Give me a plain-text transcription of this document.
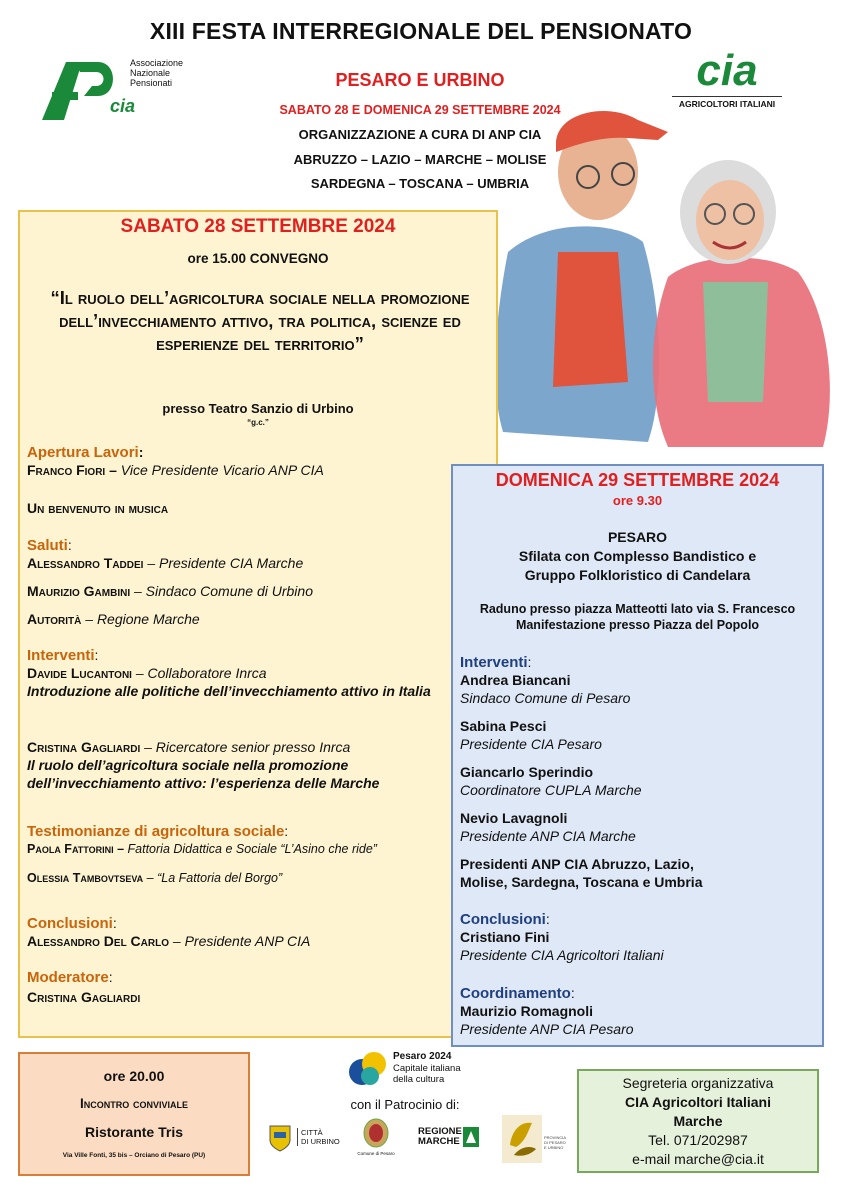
XIII FESTA INTERREGIONALE DEL PENSIONATO
PESARO E URBINO
SABATO 28 E DOMENICA 29 SETTEMBRE 2024
ORGANIZZAZIONE A CURA DI ANP CIA
ABRUZZO – LAZIO – MARCHE – MOLISE
SARDEGNA – TOSCANA – UMBRIA
Associazione
Nazionale
Pensionati
cia
cia
AGRICOLTORI ITALIANI
SABATO 28 SETTEMBRE 2024
ore 15.00 CONVEGNO
“Il ruolo dell’agricoltura sociale nella promozione dell’invecchiamento attivo, tra politica, scienze ed esperienze del territorio”
presso Teatro Sanzio di Urbino
“g.c.”
Apertura Lavori:
Franco Fiori – Vice Presidente Vicario ANP CIA
Un benvenuto in musica
Saluti:
Alessandro Taddei – Presidente CIA Marche
Maurizio Gambini – Sindaco Comune di Urbino
Autorità – Regione Marche
Interventi:
Davide Lucantoni – Collaboratore Inrca
Introduzione alle politiche dell’invecchiamento attivo in Italia
Cristina Gagliardi – Ricercatore senior presso Inrca
Il ruolo dell’agricoltura sociale nella promozione dell’invecchiamento attivo: l’esperienza delle Marche
Testimonianze di agricoltura sociale:
Paola Fattorini – Fattoria Didattica e Sociale “L’Asino che ride”
Olessia Tambovtseva – “La Fattoria del Borgo”
Conclusioni:
Alessandro Del Carlo – Presidente ANP CIA
Moderatore:
Cristina Gagliardi
DOMENICA 29 SETTEMBRE 2024
ore 9.30
PESARO
Sfilata con Complesso Bandistico e
Gruppo Folkloristico di Candelara
Raduno presso piazza Matteotti lato via S. Francesco
Manifestazione presso Piazza del Popolo
Interventi:
Andrea Biancani
Sindaco Comune di Pesaro
Sabina Pesci
Presidente CIA Pesaro
Giancarlo Sperindio
Coordinatore CUPLA Marche
Nevio Lavagnoli
Presidente ANP CIA Marche
Presidenti ANP CIA Abruzzo, Lazio,
Molise, Sardegna, Toscana e Umbria
Conclusioni:
Cristiano Fini
Presidente CIA Agricoltori Italiani
Coordinamento:
Maurizio Romagnoli
Presidente ANP CIA Pesaro
ore 20.00
Incontro conviviale
Ristorante Tris
Via Ville Fonti, 35 bis – Orciano di Pesaro (PU)
Pesaro 2024
Capitale italiana
della cultura
con il Patrocinio di:
CITTÀ
DI URBINO
Comune di Pesaro
REGIONE
MARCHE	PROVINCIA
DI PESARO
E URBINO
Segreteria organizzativa
CIA Agricoltori Italiani
Marche
Tel. 071/202987
e-mail marche@cia.it
